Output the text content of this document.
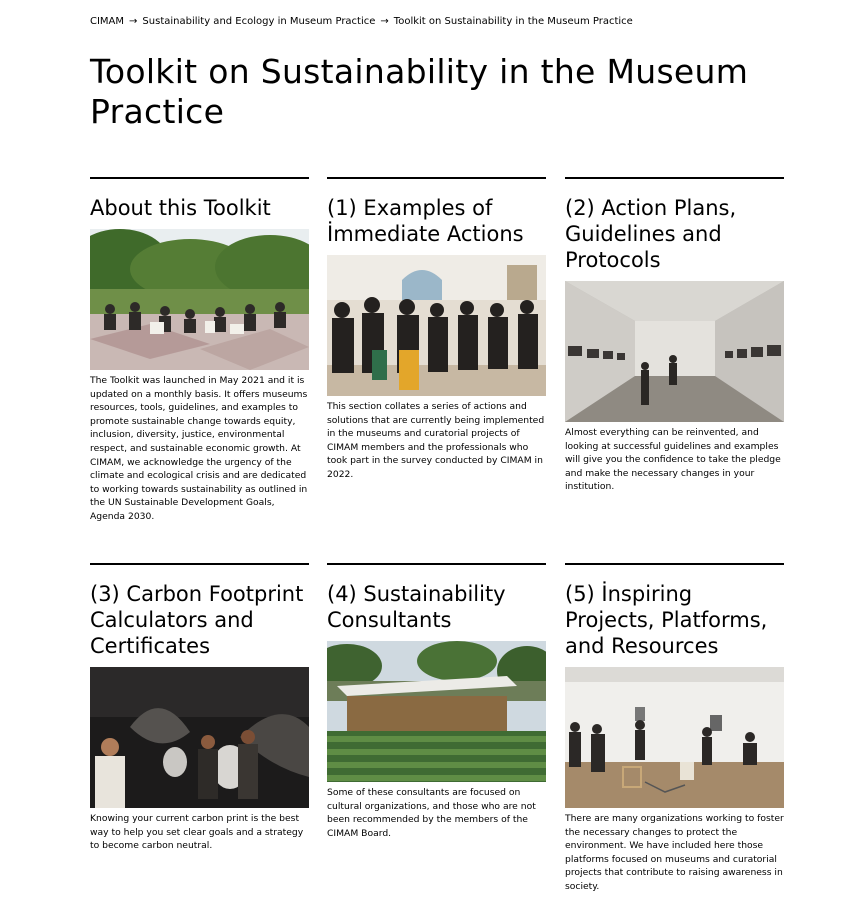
CIMAM → Sustainability and Ecology in Museum Practice → Toolkit on Sustainability in the Museum Practice
Toolkit on Sustainability in the Museum Practice
About this Toolkit

The Toolkit was launched in May 2021 and it is updated on a monthly basis. It offers museums resources, tools, guidelines, and examples to promote sustainable change towards equity, inclusion, diversity, justice, environmental respect, and sustainable economic growth. At CIMAM, we acknowledge the urgency of the climate and ecological crisis and are dedicated to working towards sustainability as outlined in the UN Sustainable Development Goals, Agenda 2030.

(1) Examples of İmmediate Actions

This section collates a series of actions and solutions that are currently being implemented in the museums and curatorial projects of CIMAM members and the professionals who took part in the survey conducted by CIMAM in 2022.

(2) Action Plans, Guidelines and Protocols

Almost everything can be reinvented, and looking at successful guidelines and examples will give you the confidence to take the pledge and make the necessary changes in your institution.

(3) Carbon Footprint Calculators and Certificates

Knowing your current carbon print is the best way to help you set clear goals and a strategy to become carbon neutral.

(4) Sustainability Consultants

Some of these consultants are focused on cultural organizations, and those who are not been recommended by the members of the CIMAM Board.

(5) İnspiring Projects, Platforms, and Resources

There are many organizations working to foster the necessary changes to protect the environment. We have included here those platforms focused on museums and curatorial projects that contribute to raising awareness in society.
